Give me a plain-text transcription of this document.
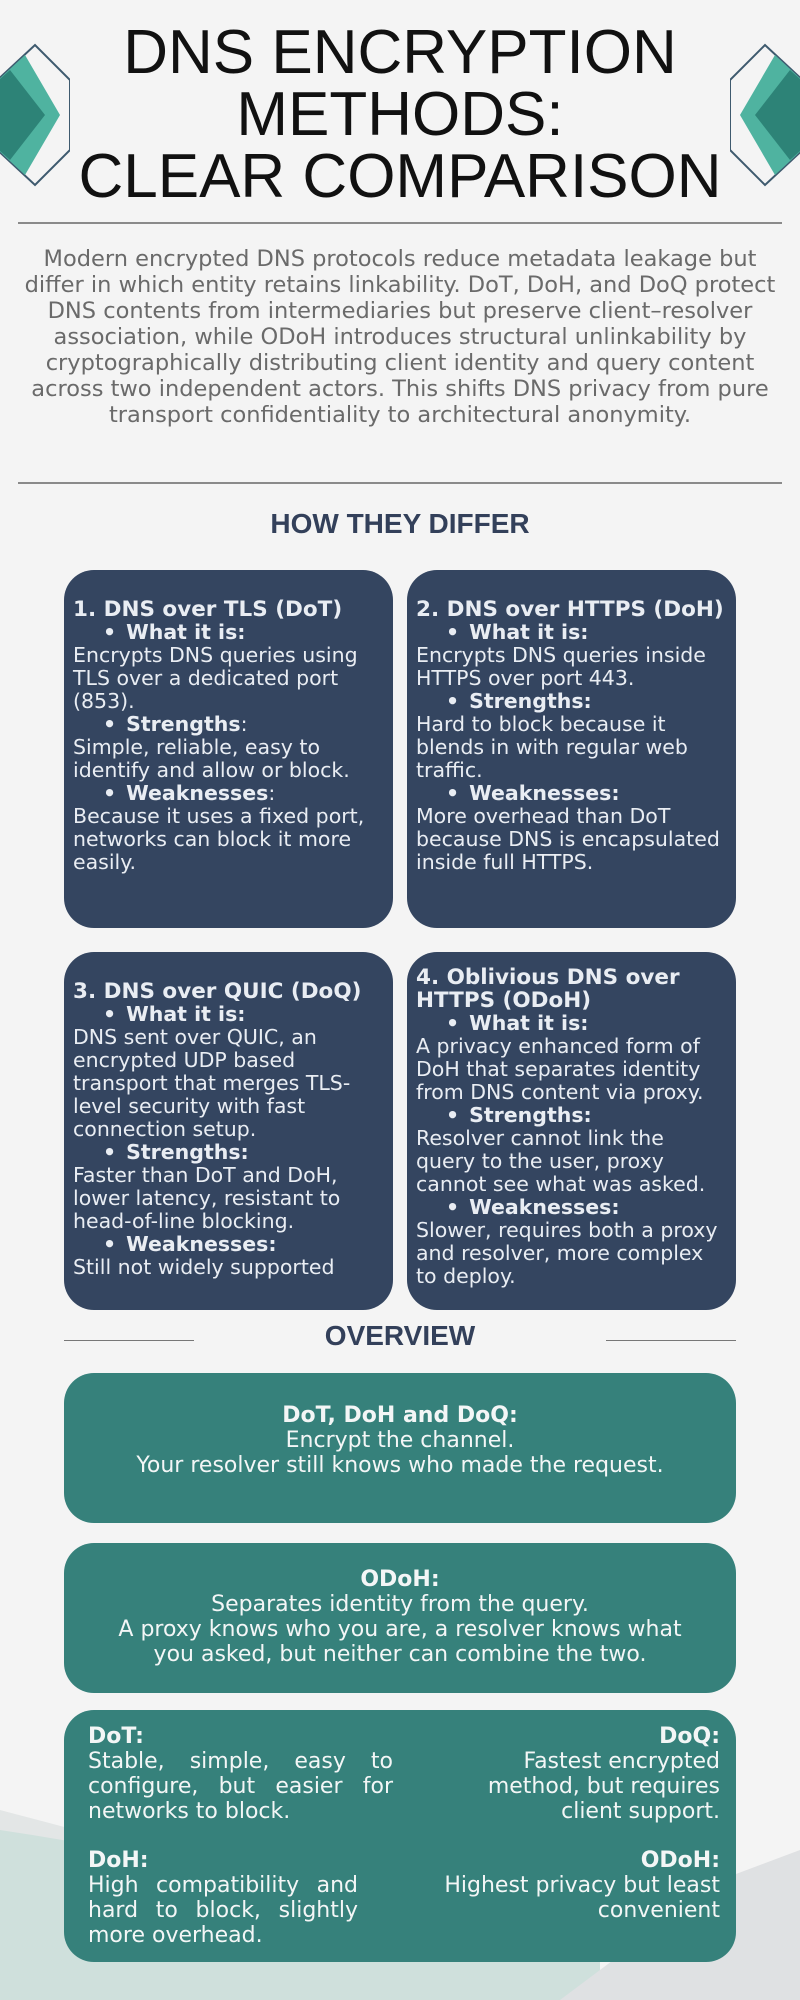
DNS ENCRYPTION
METHODS:
CLEAR COMPARISON

Modern encrypted DNS protocols reduce metadata leakage but differ in which entity retains linkability. DoT, DoH, and DoQ protect DNS contents from intermediaries but preserve client–resolver association, while ODoH introduces structural unlinkability by cryptographically distributing client identity and query content across two independent actors. This shifts DNS privacy from pure transport confidentiality to architectural anonymity.

HOW THEY DIFFER
1. DNS over TLS (DoT)
• What it is:
Encrypts DNS queries using TLS over a dedicated port (853).
• Strengths:
Simple, reliable, easy to identify and allow or block.
• Weaknesses:
Because it uses a fixed port, networks can block it more easily.
2. DNS over HTTPS (DoH)
• What it is:
Encrypts DNS queries inside HTTPS over port 443.
• Strengths:
Hard to block because it blends in with regular web traffic.
• Weaknesses:
More overhead than DoT because DNS is encapsulated inside full HTTPS.
3. DNS over QUIC (DoQ)
• What it is:
DNS sent over QUIC, an encrypted UDP based transport that merges TLS-level security with fast connection setup.
• Strengths:
Faster than DoT and DoH, lower latency, resistant to head-of-line blocking.
• Weaknesses:
Still not widely supported
4. Oblivious DNS over HTTPS (ODoH)
• What it is:
A privacy enhanced form of DoH that separates identity from DNS content via proxy.
• Strengths:
Resolver cannot link the query to the user, proxy cannot see what was asked.
• Weaknesses:
Slower, requires both a proxy and resolver, more complex to deploy.
OVERVIEW
DoT, DoH and DoQ:
Encrypt the channel.
Your resolver still knows who made the request.
ODoH:
Separates identity from the query.
A proxy knows who you are, a resolver knows what you asked, but neither can combine the two.
DoT:
Stable, simple, easy to configure, but easier for networks to block.
DoQ:
Fastest encrypted method, but requires client support.
DoH:
High compatibility and hard to block, slightly more overhead.
ODoH:
Highest privacy but least convenient
